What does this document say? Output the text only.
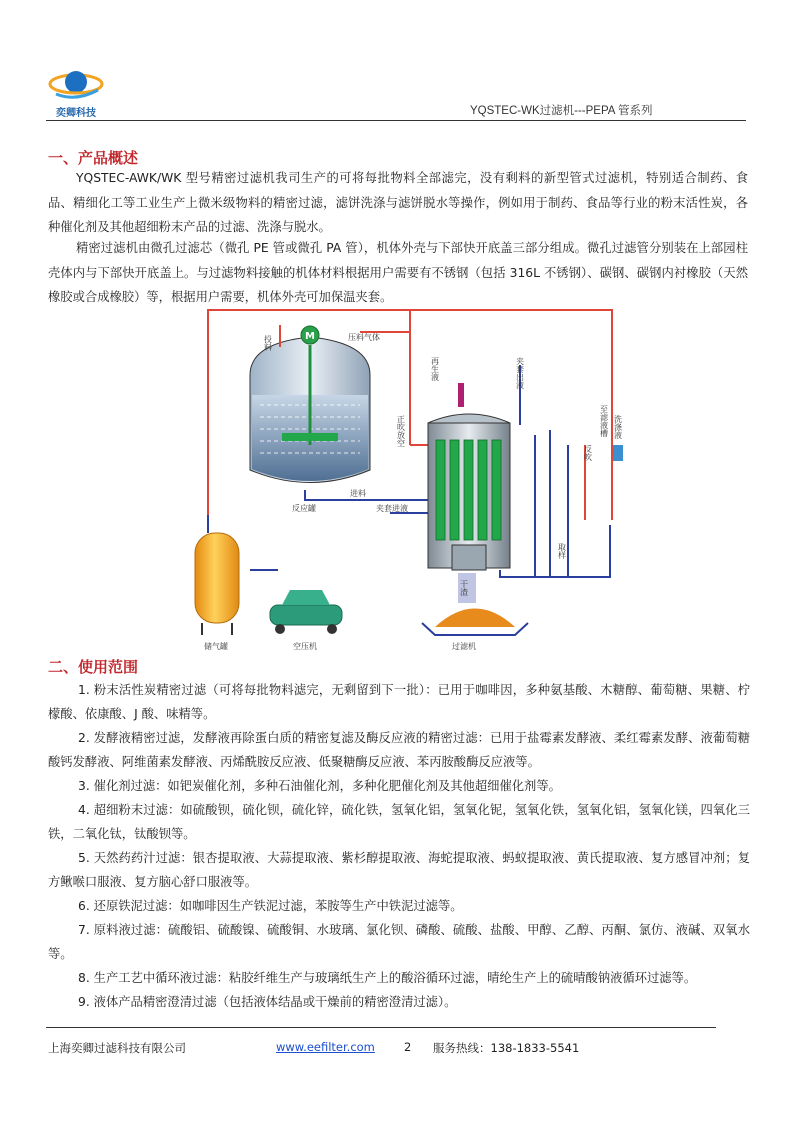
奕卿科技	YQSTEC-WK过滤机---PEPA 管系列
一、产品概述

YQSTEC-AWK/WK 型号精密过滤机我司生产的可将每批物料全部滤完，没有剩料的新型管式过滤机，特别适合制药、食品、精细化工等工业生产上微米级物料的精密过滤，滤饼洗涤与滤饼脱水等操作，例如用于制药、食品等行业的粉末活性炭，各种催化剂及其他超细粉末产品的过滤、洗涤与脱水。

精密过滤机由微孔过滤芯（微孔 PE 管或微孔 PA 管），机体外壳与下部快开底盖三部分组成。微孔过滤管分别装在上部园柱壳体内与下部快开底盖上。与过滤物料接触的机体材料根据用户需要有不锈钢（包括 316L 不锈钢）、碳钢、碳钢内衬橡胶（天然橡胶或合成橡胶）等，根据用户需要，机体外壳可加保温夹套。

M
投料	压料气体
再生液	夹套出液
至滤液槽 洗涤液
正吹放空
反吹
进料
夹套进液
反应罐
取样
干渣
储气罐	空压机	过滤机
二、使用范围

1. 粉末活性炭精密过滤（可将每批物料滤完，无剩留到下一批）：已用于咖啡因，多种氨基酸、木糖醇、葡萄糖、果糖、柠檬酸、依康酸、J 酸、味精等。

2. 发酵液精密过滤，发酵液再除蛋白质的精密复滤及酶反应液的精密过滤：已用于盐霉素发酵液、柔红霉素发酵、液葡萄糖酸钙发酵液、阿维菌素发酵液、丙烯酰胺反应液、低聚糖酶反应液、苯丙胺酸酶反应液等。

3. 催化剂过滤：如钯炭催化剂，多种石油催化剂，多种化肥催化剂及其他超细催化剂等。

4. 超细粉末过滤：如硫酸钡，硫化钡，硫化锌，硫化铁，氢氧化铝，氢氧化铌，氢氧化铁，氢氧化铝，氢氧化镁，四氧化三铁，二氧化钛，钛酸钡等。

5. 天然药药汁过滤：银杏提取液、大蒜提取液、紫杉醇提取液、海蛇提取液、蚂蚁提取液、黄氏提取液、复方感冒冲剂；复方鳅喉口服液、复方脑心舒口服液等。

6. 还原铁泥过滤：如咖啡因生产铁泥过滤，苯胺等生产中铁泥过滤等。

7. 原料液过滤：硫酸铝、硫酸镍、硫酸铜、水玻璃、氯化钡、磷酸、硫酸、盐酸、甲醇、乙醇、丙酮、氯仿、液碱、双氧水等。

8. 生产工艺中循环液过滤：粘胶纤维生产与玻璃纸生产上的酸浴循环过滤，晴纶生产上的硫晴酸钠液循环过滤等。

9. 液体产品精密澄清过滤（包括液体结晶或干燥前的精密澄清过滤）。

上海奕卿过滤科技有限公司	www.eefilter.com	2 服务热线：138-1833-5541
